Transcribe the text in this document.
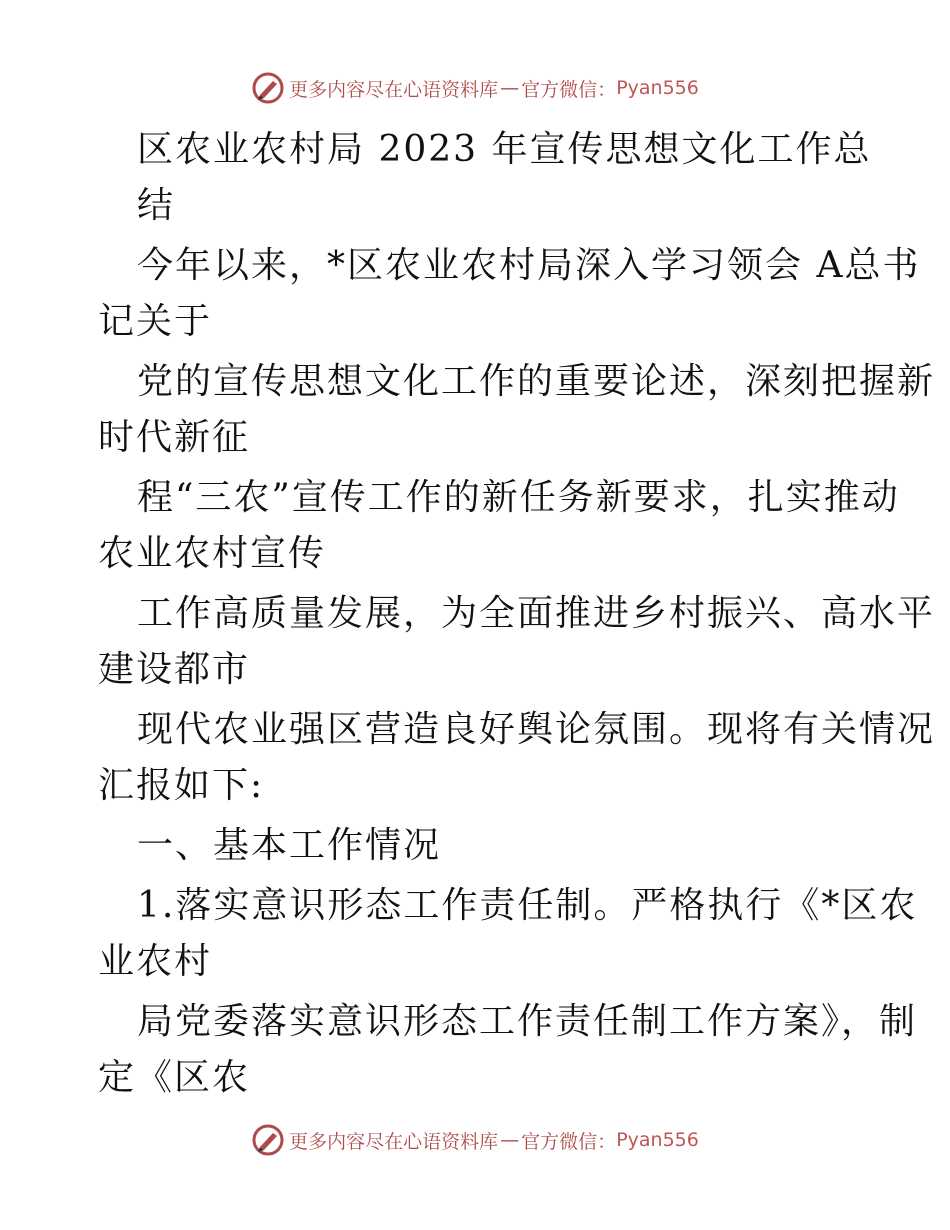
更多内容尽在心语资料库 — 官方微信： Pyan556
区农业农村局 2023 年宣传思想文化工作总
结
今年以来，*区农业农村局深入学习领会 A总书
记关于
党的宣传思想文化工作的重要论述，深刻把握新
时代新征
程“三农”宣传工作的新任务新要求，扎实推动
农业农村宣传
工作高质量发展，为全面推进乡村振兴、高水平
建设都市
现代农业强区营造良好舆论氛围。现将有关情况
汇报如下:
一、基本工作情况
1.落实意识形态工作责任制。严格执行《*区农
业农村
局党委落实意识形态工作责任制工作方案》，制
定《区农
更多内容尽在心语资料库 — 官方微信： Pyan556
